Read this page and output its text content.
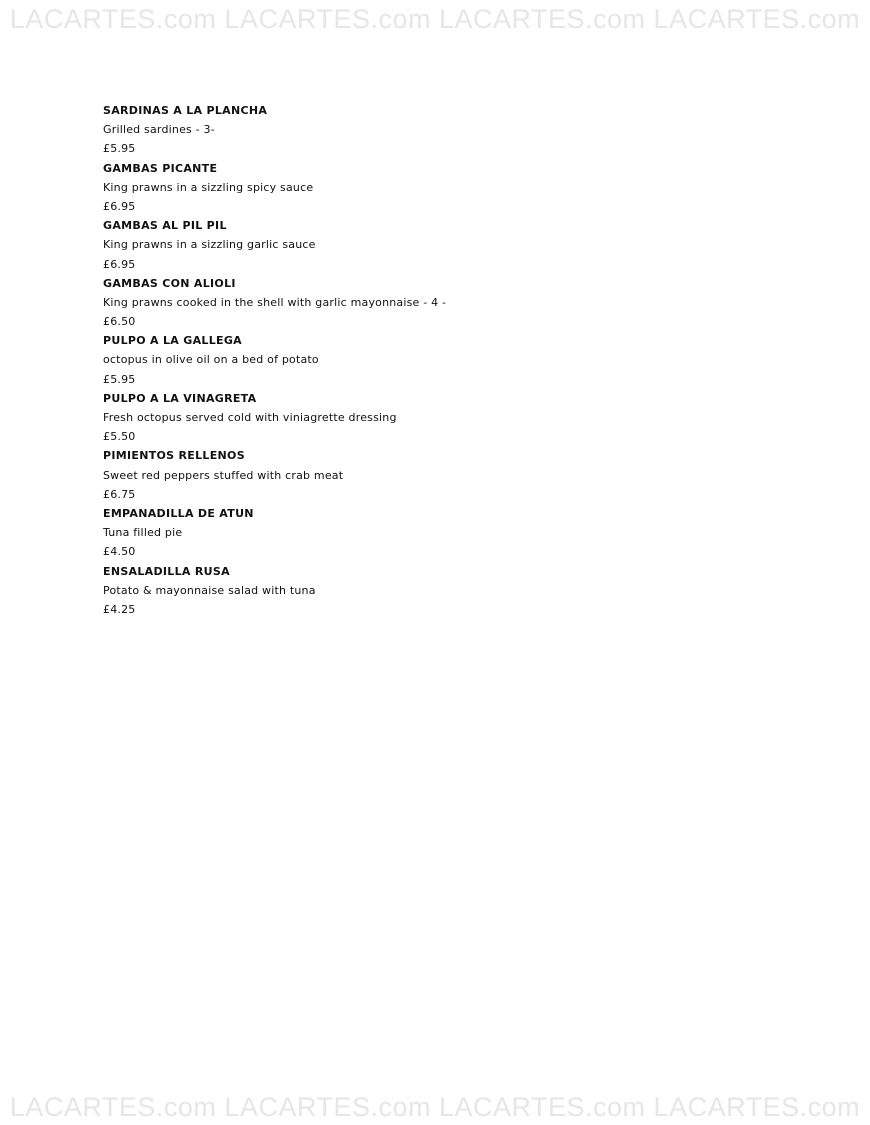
LACARTES.com LACARTES.com LACARTES.com LACARTES.com
SARDINAS A LA PLANCHA
Grilled sardines - 3-
£5.95
GAMBAS PICANTE
King prawns in a sizzling spicy sauce
£6.95
GAMBAS AL PIL PIL
King prawns in a sizzling garlic sauce
£6.95
GAMBAS CON ALIOLI
King prawns cooked in the shell with garlic mayonnaise - 4 -
£6.50
PULPO A LA GALLEGA
octopus in olive oil on a bed of potato
£5.95
PULPO A LA VINAGRETA
Fresh octopus served cold with viniagrette dressing
£5.50
PIMIENTOS RELLENOS
Sweet red peppers stuffed with crab meat
£6.75
EMPANADILLA DE ATUN
Tuna filled pie
£4.50
ENSALADILLA RUSA
Potato & mayonnaise salad with tuna
£4.25
LACARTES.com LACARTES.com LACARTES.com LACARTES.com
